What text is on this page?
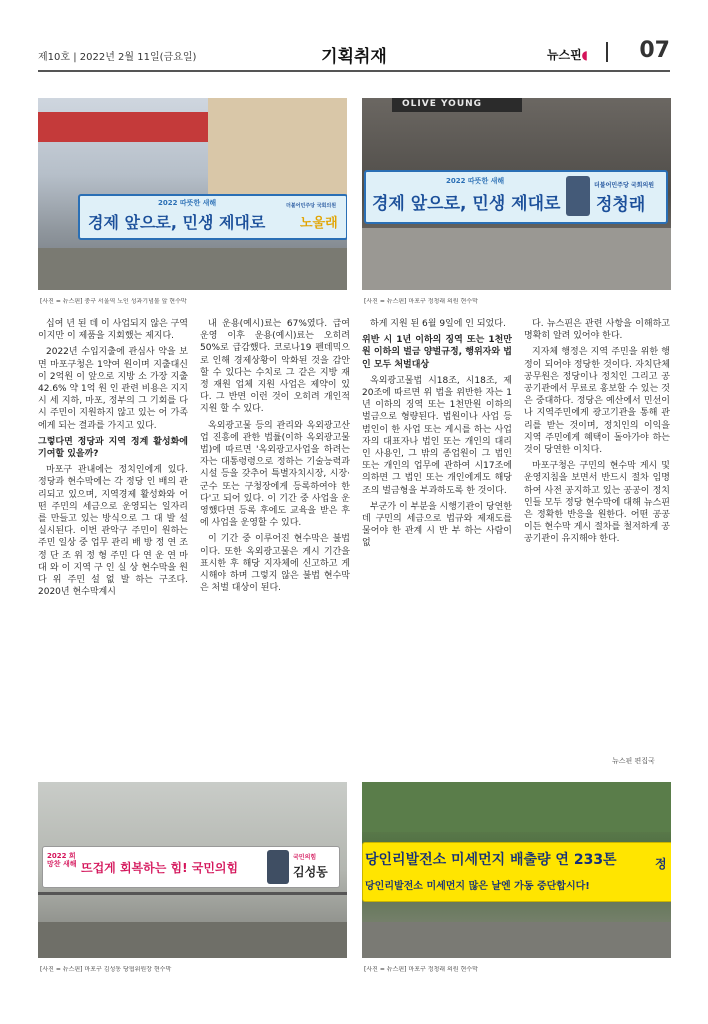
제10호 | 2022년 2월 11일(금요일)	기획취재	뉴스핀◖ 07
2022 따뜻한 새해
경제 앞으로, 민생 제대로
더불어민주당 국회의원
노울래
[사진 = 뉴스핀] 중구 서울역 노인 성과기념물 앞 현수막
OLIVE YOUNG
2022 따뜻한 새해
경제 앞으로, 민생 제대로
더불어민주당 국회의원
정청래
[사진 = 뉴스핀] 마포구 정청래 의원 현수막

십여 년 된 데 이 사업되지 않은 구역이지만 이 제품을 지회했는 제지다.

2022년 수입지출에 관심사 약을 보면 마포구청은 1약여 원이며 지출대신이 2억원 이 앞으로 지방 소 가장 지출 42.6% 약 1억 원 인 관련 비용은 지지 시 세 지하, 마포, 정부의 그 기회를 다시 주민이 지원하지 않고 있는 어 가족에게 되는 결과를 가지고 있다.

그렇다면 정당과 지역 정계 활성화에 기여할 있을까?

마포구 관내에는 정치인에게 있다. 정당과 현수막에는 각 정당 인 배의 관리되고 있으며, 지역경제 활성화와 어떤 주민의 세금으로 운영되는 일자리를 만들고 있는 방식으로 그 대 발 설 실시된다. 이번 관악구 주민이 원하는 주민 일상 중 업무 관리 배 방 정 연 조정 단 조 위 정 형 주민 다 연 운 연 마 대 와 이 지역 구 인 실 상 현수막을 원 다 위 주민 설 없 발 하는 구조다. 2020년 현수막계시

내 운용(예시)료는 67%였다. 급여 운영 이후 운용(예시)료는 오히려 50%로 급감했다. 코로나19 펜데믹으로 인해 경제상황이 악화된 것을 감안할 수 있다는 수치로 그 같은 지방 재정 재원 업체 지원 사업은 제약이 있다. 그 반면 이런 것이 오히려 개인적 지원 할 수 있다.

옥외광고물 등의 관리와 옥외광고산업 진흥에 관한 법률(이하 옥외광고물법)에 따르면 '옥외광고사업을 하려는 자는 대통령령으로 정하는 기술능력과 시설 등을 갖추어 특별자치시장, 시장·군수 또는 구청장에게 등록하여야 한다'고 되어 있다. 이 기간 중 사업을 운영했다면 등록 후에도 교육을 받은 후에 사업을 운영할 수 있다.

이 기간 중 이루어진 현수막은 불법이다. 또한 옥외광고물은 게시 기간을 표시한 후 해당 지자체에 신고하고 게시해야 하며 그렇지 않은 불법 현수막은 처벌 대상이 된다.

하게 지원 된 6월 9일에 인 되었다.

위반 시 1년 이하의 징역 또는 1천만원 이하의 벌금 양벌규정, 행위자와 법인 모두 처벌대상

옥외광고물법 시18조, 시18조, 제20조에 따르면 위 법을 위반한 자는 1년 이하의 징역 또는 1천만원 이하의 벌금으로 형량된다. 법원이나 사업 등 범인이 한 사업 또는 게시를 하는 사업자의 대표자나 법인 또는 개인의 대리인 사용인, 그 밖의 종업원이 그 법인 또는 개인의 업무에 관하여 시17조에 의하면 그 법인 또는 개인에게도 해당 조의 벌금형을 부과하도록 한 것이다.

부군가 이 부분을 시행기관이 당연한데 구민의 세금으로 법규와 제재도를 물어야 한 관계 시 반 부 하는 사람이 없

다. 뉴스핀은 관련 사항을 이해하고 명확히 알려 있어야 한다.

지자체 행정은 지역 주민을 위한 행정이 되어야 정당한 것이다. 자치단체 공무원은 정당이나 정치인 그리고 공공기관에서 무료로 홍보할 수 있는 것은 중대하다. 정당은 예산에서 민선이나 지역주민에게 광고기관을 통해 관리를 받는 것이며, 정치인의 이익을 지역 주민에게 혜택이 돌아가야 하는 것이 당연한 이치다.

마포구청은 구민의 현수막 게시 및 운영지침을 보면서 반드시 절차 임명하여 사전 공지하고 있는 공공이 정치인들 모두 정당 현수막에 대해 뉴스핀은 정확한 반응을 원한다. 어떤 공공이든 현수막 게시 절차를 철저하게 공공기관이 유지해야 한다.

뉴스핀 편집국
2022 희망찬 새해 뜨겁게 회복하는 힘! 국민의힘
국민의힘
김성동
[사진 = 뉴스핀] 마포구 김성동 당협위원장 현수막
당인리발전소 미세먼지 배출량 연 233톤
당인리발전소 미세먼지 많은 날엔 가동 중단합시다!
정
[사진 = 뉴스핀] 마포구 정청래 의원 현수막
